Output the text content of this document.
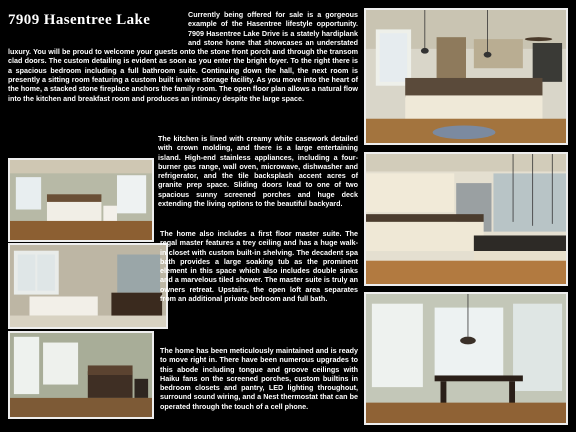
7909 Hasentree Lake	Currently being offered for sale is a gorgeous example of the Hasentree lifestyle opportunity. 7909 Hasentree Lake Drive is a stately hardiplank and stone home that showcases an understated luxury. You will be proud to welcome your guests onto the stone front porch and through the transom clad doors. The custom detailing is evident as soon as you enter the bright foyer. To the right there is a spacious bedroom including a full bathroom suite. Continuing down the hall, the next room is presently a sitting room featuring a custom built in wine storage facility. As you move into the heart of the home, a stacked stone fireplace anchors the family room. The open floor plan allows a natural flow into the kitchen and breakfast room and produces an intimacy despite the large space.

The kitchen is lined with creamy white casework detailed with crown molding, and there is a large entertaining island. High-end stainless appliances, including a four-burner gas range, wall oven, microwave, dishwasher and refrigerator, and the tile backsplash accent acres of granite prep space. Sliding doors lead to one of two spacious sunny screened porches and huge deck extending the living options to the beautiful backyard.

The home also includes a first floor master suite. The regal master features a trey ceiling and has a huge walk- in closet with custom built-in shelving. The decadent spa bath provides a large soaking tub as the prominent element in this space which also includes double sinks and a marvelous tiled shower. The master suite is truly an owners retreat. Upstairs, the open loft area separates from an additional private bedroom and full bath.

The home has been meticulously maintained and is ready to move right in. There have been numerous upgrades to this abode including tongue and groove ceilings with Haiku fans on the screened porches, custom builtins in bedroom closets and pantry, LED lighting throughout, surround sound wiring, and a Nest thermostat that can be operated through the touch of a cell phone.
